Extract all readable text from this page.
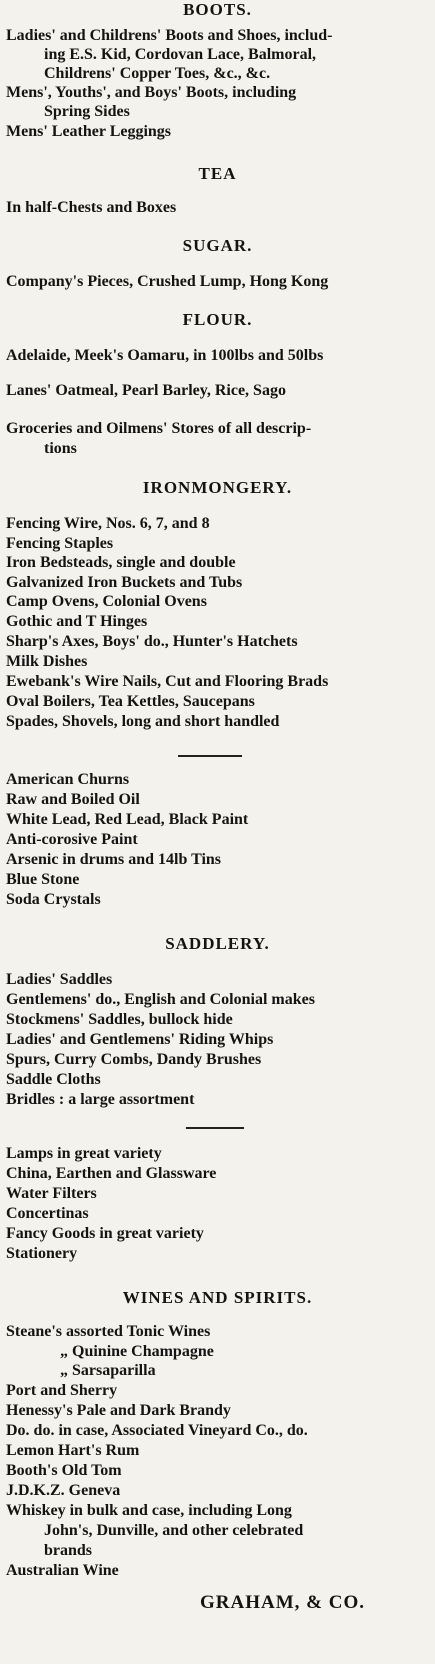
BOOTS.
Ladies' and Childrens' Boots and Shoes, includ-
ing E.S. Kid, Cordovan Lace, Balmoral,
Childrens' Copper Toes, &c., &c.
Mens', Youths', and Boys' Boots, including
Spring Sides
Mens' Leather Leggings
TEA
In half-Chests and Boxes
SUGAR.
Company's Pieces, Crushed Lump, Hong Kong
FLOUR.
Adelaide, Meek's Oamaru, in 100lbs and 50lbs
Lanes' Oatmeal, Pearl Barley, Rice, Sago
Groceries and Oilmens' Stores of all descrip-
tions
IRONMONGERY.
Fencing Wire, Nos. 6, 7, and 8
Fencing Staples
Iron Bedsteads, single and double
Galvanized Iron Buckets and Tubs
Camp Ovens, Colonial Ovens
Gothic and T Hinges
Sharp's Axes, Boys' do., Hunter's Hatchets
Milk Dishes
Ewebank's Wire Nails, Cut and Flooring Brads
Oval Boilers, Tea Kettles, Saucepans
Spades, Shovels, long and short handled
American Churns
Raw and Boiled Oil
White Lead, Red Lead, Black Paint
Anti-corosive Paint
Arsenic in drums and 14lb Tins
Blue Stone
Soda Crystals
SADDLERY.
Ladies' Saddles
Gentlemens' do., English and Colonial makes
Stockmens' Saddles, bullock hide
Ladies' and Gentlemens' Riding Whips
Spurs, Curry Combs, Dandy Brushes
Saddle Cloths
Bridles : a large assortment
Lamps in great variety
China, Earthen and Glassware
Water Filters
Concertinas
Fancy Goods in great variety
Stationery
WINES AND SPIRITS.
Steane's assorted Tonic Wines
„ Quinine Champagne
„ Sarsaparilla
Port and Sherry
Henessy's Pale and Dark Brandy
Do. do. in case, Associated Vineyard Co., do.
Lemon Hart's Rum
Booth's Old Tom
J.D.K.Z. Geneva
Whiskey in bulk and case, including Long
John's, Dunville, and other celebrated
brands
Australian Wine
GRAHAM, & CO.
